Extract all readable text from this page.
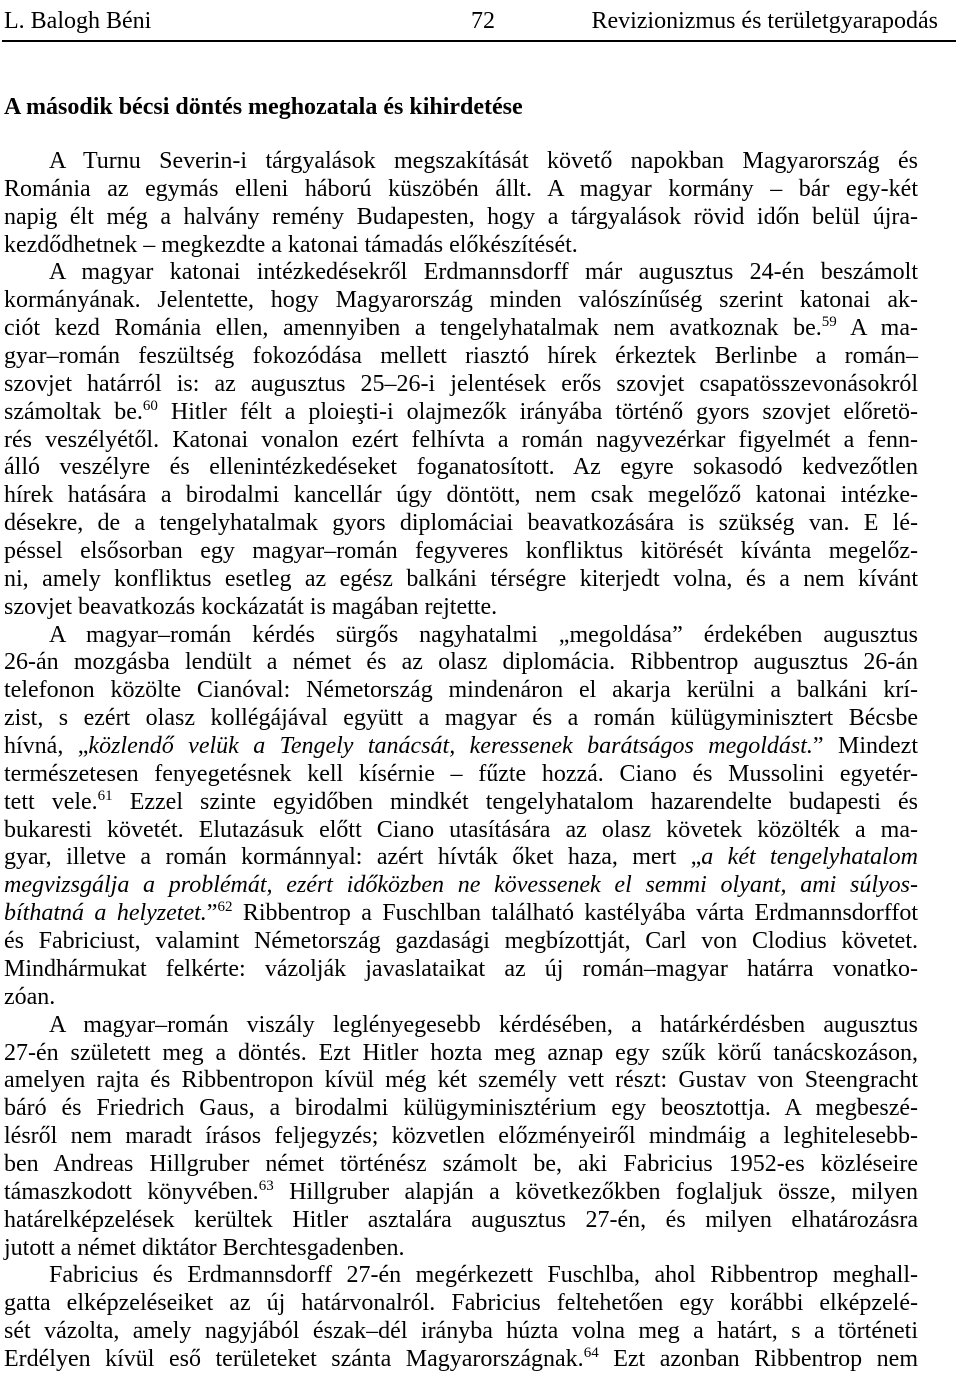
L. Balogh Béni	72	Revizionizmus és területgyarapodás
A második bécsi döntés meghozatala és kihirdetése
A Turnu Severin-i tárgyalások megszakítását követő napokban Magyarország és
Románia az egymás elleni háború küszöbén állt. A magyar kormány – bár egy-két
napig élt még a halvány remény Budapesten, hogy a tárgyalások rövid időn belül újra-
kezdődhetnek – megkezdte a katonai támadás előkészítését.
A magyar katonai intézkedésekről Erdmannsdorff már augusztus 24-én beszámolt
kormányának. Jelentette, hogy Magyarország minden valószínűség szerint katonai ak-
ciót kezd Románia ellen, amennyiben a tengelyhatalmak nem avatkoznak be.$^{59}$ A ma-
gyar–román feszültség fokozódása mellett riasztó hírek érkeztek Berlinbe a román–
szovjet határról is: az augusztus 25–26-i jelentések erős szovjet csapatösszevonásokról
számoltak be.$^{60}$ Hitler félt a ploieşti-i olajmezők irányába történő gyors szovjet előretö-
rés veszélyétől. Katonai vonalon ezért felhívta a román nagyvezérkar figyelmét a fenn-
álló veszélyre és ellenintézkedéseket foganatosított. Az egyre sokasodó kedvezőtlen
hírek hatására a birodalmi kancellár úgy döntött, nem csak megelőző katonai intézke-
désekre, de a tengelyhatalmak gyors diplomáciai beavatkozására is szükség van. E lé-
péssel elsősorban egy magyar–román fegyveres konfliktus kitörését kívánta megelőz-
ni, amely konfliktus esetleg az egész balkáni térségre kiterjedt volna, és a nem kívánt
szovjet beavatkozás kockázatát is magában rejtette.
A magyar–román kérdés sürgős nagyhatalmi „megoldása” érdekében augusztus
26-án mozgásba lendült a német és az olasz diplomácia. Ribbentrop augusztus 26-án
telefonon közölte Cianóval: Németország mindenáron el akarja kerülni a balkáni krí-
zist, s ezért olasz kollégájával együtt a magyar és a román külügyminisztert Bécsbe
hívná, „közlendő velük a Tengely tanácsát, keressenek barátságos megoldást.” Mindezt
természetesen fenyegetésnek kell kísérnie – fűzte hozzá. Ciano és Mussolini egyetér-
tett vele.$^{61}$ Ezzel szinte egyidőben mindkét tengelyhatalom hazarendelte budapesti és
bukaresti követét. Elutazásuk előtt Ciano utasítására az olasz követek közölték a ma-
gyar, illetve a román kormánnyal: azért hívták őket haza, mert „a két tengelyhatalom
megvizsgálja a problémát, ezért időközben ne kövessenek el semmi olyant, ami súlyos-
bíthatná a helyzetet.”$^{62}$ Ribbentrop a Fuschlban található kastélyába várta Erdmannsdorffot
és Fabriciust, valamint Németország gazdasági megbízottját, Carl von Clodius követet.
Mindhármukat felkérte: vázolják javaslataikat az új román–magyar határra vonatko-
zóan.
A magyar–román viszály leglényegesebb kérdésében, a határkérdésben augusztus
27-én született meg a döntés. Ezt Hitler hozta meg aznap egy szűk körű tanácskozáson,
amelyen rajta és Ribbentropon kívül még két személy vett részt: Gustav von Steengracht
báró és Friedrich Gaus, a birodalmi külügyminisztérium egy beosztottja. A megbeszé-
lésről nem maradt írásos feljegyzés; közvetlen előzményeiről mindmáig a leghitelesebb-
ben Andreas Hillgruber német történész számolt be, aki Fabricius 1952-es közléseire
támaszkodott könyvében.$^{63}$ Hillgruber alapján a következőkben foglaljuk össze, milyen
határelképzelések kerültek Hitler asztalára augusztus 27-én, és milyen elhatározásra
jutott a német diktátor Berchtesgadenben.
Fabricius és Erdmannsdorff 27-én megérkezett Fuschlba, ahol Ribbentrop meghall-
gatta elképzeléseiket az új határvonalról. Fabricius feltehetően egy korábbi elképzelé-
sét vázolta, amely nagyjából észak–dél irányba húzta volna meg a határt, s a történeti
Erdélyen kívül eső területeket szánta Magyarországnak.$^{64}$ Ezt azonban Ribbentrop nem
